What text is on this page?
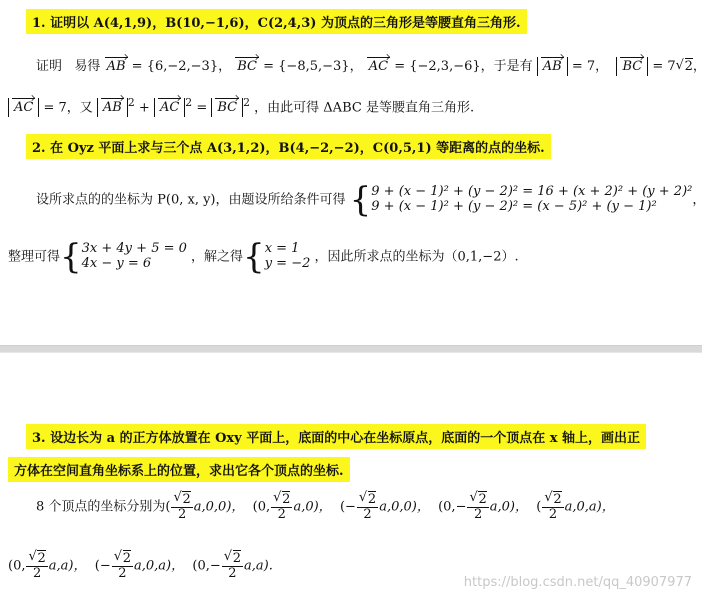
1. 证明以 A(4,1,9)，B(10,−1,6)，C(2,4,3) 为顶点的三角形是等腰直角三角形.
证明 易得 AB = {6,−2,−3}， BC = {−8,5,−3}， AC = {−2,3,−6}，于是有 AB = 7， BC = 7 √ 2，
AC = 7，又 AB $^2$ + AC $^2$ = BC $^2$ ，由此可得 ΔABC 是等腰直角三角形.
2. 在 Oyz 平面上求与三个点 A(3,1,2)，B(4,−2,−2)，C(0,5,1) 等距离的点的坐标.
设所求点的的坐标为 P(0, x, y)，由题设所给条件可得 { 9 + (x − 1)² + (y − 2)² = 16 + (x + 2)² + (y + 2)²
9 + (x − 1)² + (y − 2)² = (x − 5)² + (y − 1)²	，
整理可得{ 3x + 4y + 5 = 0
4x − y = 6	，解之得{ x = 1
y = −2 ，因此所求点的坐标为（0,1,−2）.
3. 设边长为 a 的正方体放置在 Oxy 平面上，底面的中心在坐标原点，底面的一个顶点在 x 轴上，画出正
方体在空间直角坐标系上的位置，求出它各个顶点的坐标.
8 个顶点的坐标分别为( √ $\frac{2}{2} a,0,0$)， (0, √ $\frac{2}{2} a,0$)， (− √ $\frac{2}{2} a,0,0$)， (0,− √ $\frac{2}{2} a,0$)， ( √ $\frac{2}{2} a,0,a$)，
(0, √ $\frac{2}{2} a,a$)， (− √ $\frac{2}{2} a,0,a$)， (0,− √ $\frac{2}{2} a,a$).
https://blog.csdn.net/qq_40907977
